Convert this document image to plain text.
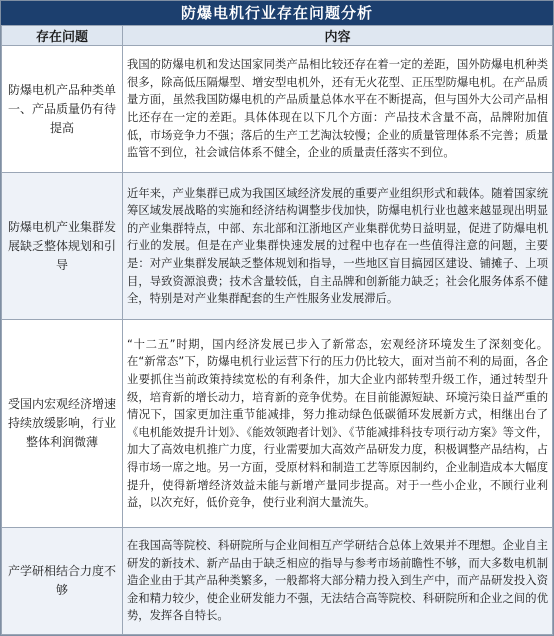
防爆电机行业存在问题分析
存在问题	内容
防爆电机产品种类单一、产品质量仍有待提高	我国的防爆电机和发达国家同类产品相比较还存在着一定的差距，国外防爆电机种类很多，除高低压隔爆型、增安型电机外，还有无火花型、正压型防爆电机。在产品质量方面，虽然我国防爆电机的产品质量总体水平在不断提高，但与国外大公司产品相比还存在一定的差距。具体体现在以下几个方面：产品技术含量不高，品牌附加值低，市场竞争力不强；落后的生产工艺淘汰较慢；企业的质量管理体系不完善；质量监管不到位，社会诚信体系不健全，企业的质量责任落实不到位。
防爆电机产业集群发展缺乏整体规划和引导	近年来，产业集群已成为我国区域经济发展的重要产业组织形式和载体。随着国家统筹区域发展战略的实施和经济结构调整步伐加快，防爆电机行业也越来越显现出明显的产业集群特点，中部、东北部和江浙地区产业集群优势日益明显，促进了防爆电机行业的发展。但是在产业集群快速发展的过程中也存在一些值得注意的问题，主要是：对产业集群发展缺乏整体规划和指导，一些地区盲目搞园区建设、铺摊子、上项目，导致资源浪费；技术含量较低，自主品牌和创新能力缺乏；社会化服务体系不健全，特别是对产业集群配套的生产性服务业发展滞后。
受国内宏观经济增速持续放缓影响，行业整体利润微薄	“十二五”时期，国内经济发展已步入了新常态，宏观经济环境发生了深刻变化。在“新常态”下，防爆电机行业运营下行的压力仍比较大，面对当前不利的局面，各企业要抓住当前政策持续宽松的有利条件，加大企业内部转型升级工作，通过转型升级，培育新的增长动力，培育新的竞争优势。在目前能源短缺、环境污染日益严重的情况下，国家更加注重节能减排，努力推动绿色低碳循环发展新方式，相继出台了《电机能效提升计划》、《能效领跑者计划》、《节能减排科技专项行动方案》等文件，加大了高效电机推广力度，行业需要加大高效产品研发力度，积极调整产品结构，占得市场一席之地。另一方面，受原材料和制造工艺等原因制约，企业制造成本大幅度提升，使得新增经济效益未能与新增产量同步提高。对于一些小企业，不顾行业利益，以次充好，低价竞争，使行业利润大量流失。
产学研相结合力度不够	在我国高等院校、科研院所与企业间相互产学研结合总体上效果并不理想。企业自主研发的新技术、新产品由于缺乏相应的指导与参考市场前瞻性不够，而大多数电机制造企业由于其产品种类繁多，一般都将大部分精力投入到生产中，而产品研发投入资金和精力较少，使企业研发能力不强，无法结合高等院校、科研院所和企业之间的优势，发挥各自特长。
